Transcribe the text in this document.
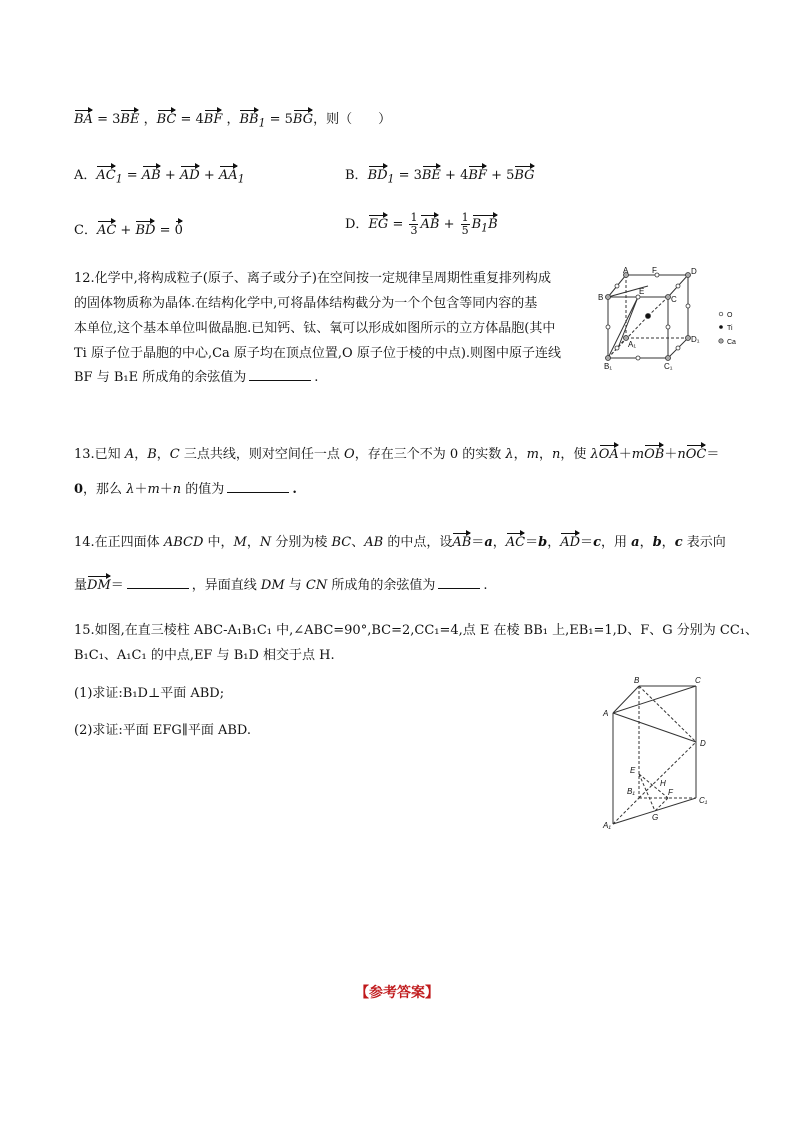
BA = 3BE ，BC = 4BF ，$BB_1 = 5BG$，则（　　）
A．$AC_1$ = AB + AD + $AA_1$	B．$BD_1 = 3BE + 4BF + 5BG$
C．AC + BD = 0	D．EG = $\frac{1}{3}$ AB + $\frac{1}{5} B_1B$
12.化学中,将构成粒子(原子、离子或分子)在空间按一定规律呈周期性重复排列构成
的固体物质称为晶体.在结构化学中,可将晶体结构截分为一个个包含等同内容的基
本单位,这个基本单位叫做晶胞.已知钙、钛、氧可以形成如图所示的立方体晶胞(其中
Ti 原子位于晶胞的中心,Ca 原子均在顶点位置,O 原子位于棱的中点).则图中原子连线
BF 与 B₁E 所成角的余弦值为	.
A	F	D
B
E
C
A₁
D₁
B₁	C₁
O
Ti
Ca
13.已知 A，B，C 三点共线，则对空间任一点 O，存在三个不为 0 的实数 λ，m，n，使 λOA＋mOB＋nOC＝
0，那么 λ＋m＋n 的值为	.
14.在正四面体 ABCD 中，M，N 分别为棱 BC、AB 的中点，设AB＝a，AC＝b，AD＝c，用 a，b，c 表示向
量DM＝	，异面直线 DM 与 CN 所成角的余弦值为	.
15.如图,在直三棱柱 ABC-A₁B₁C₁ 中,∠ABC=90°,BC=2,CC₁=4,点 E 在棱 BB₁ 上,EB₁=1,D、F、G 分别为 CC₁、
B₁C₁、A₁C₁ 的中点,EF 与 B₁D 相交于点 H.
(1)求证:B₁D⊥平面 ABD;
(2)求证:平面 EFG∥平面 ABD.
B	C
A
D
E
H
B₁	F
C₁
A₁
G
【参考答案】
